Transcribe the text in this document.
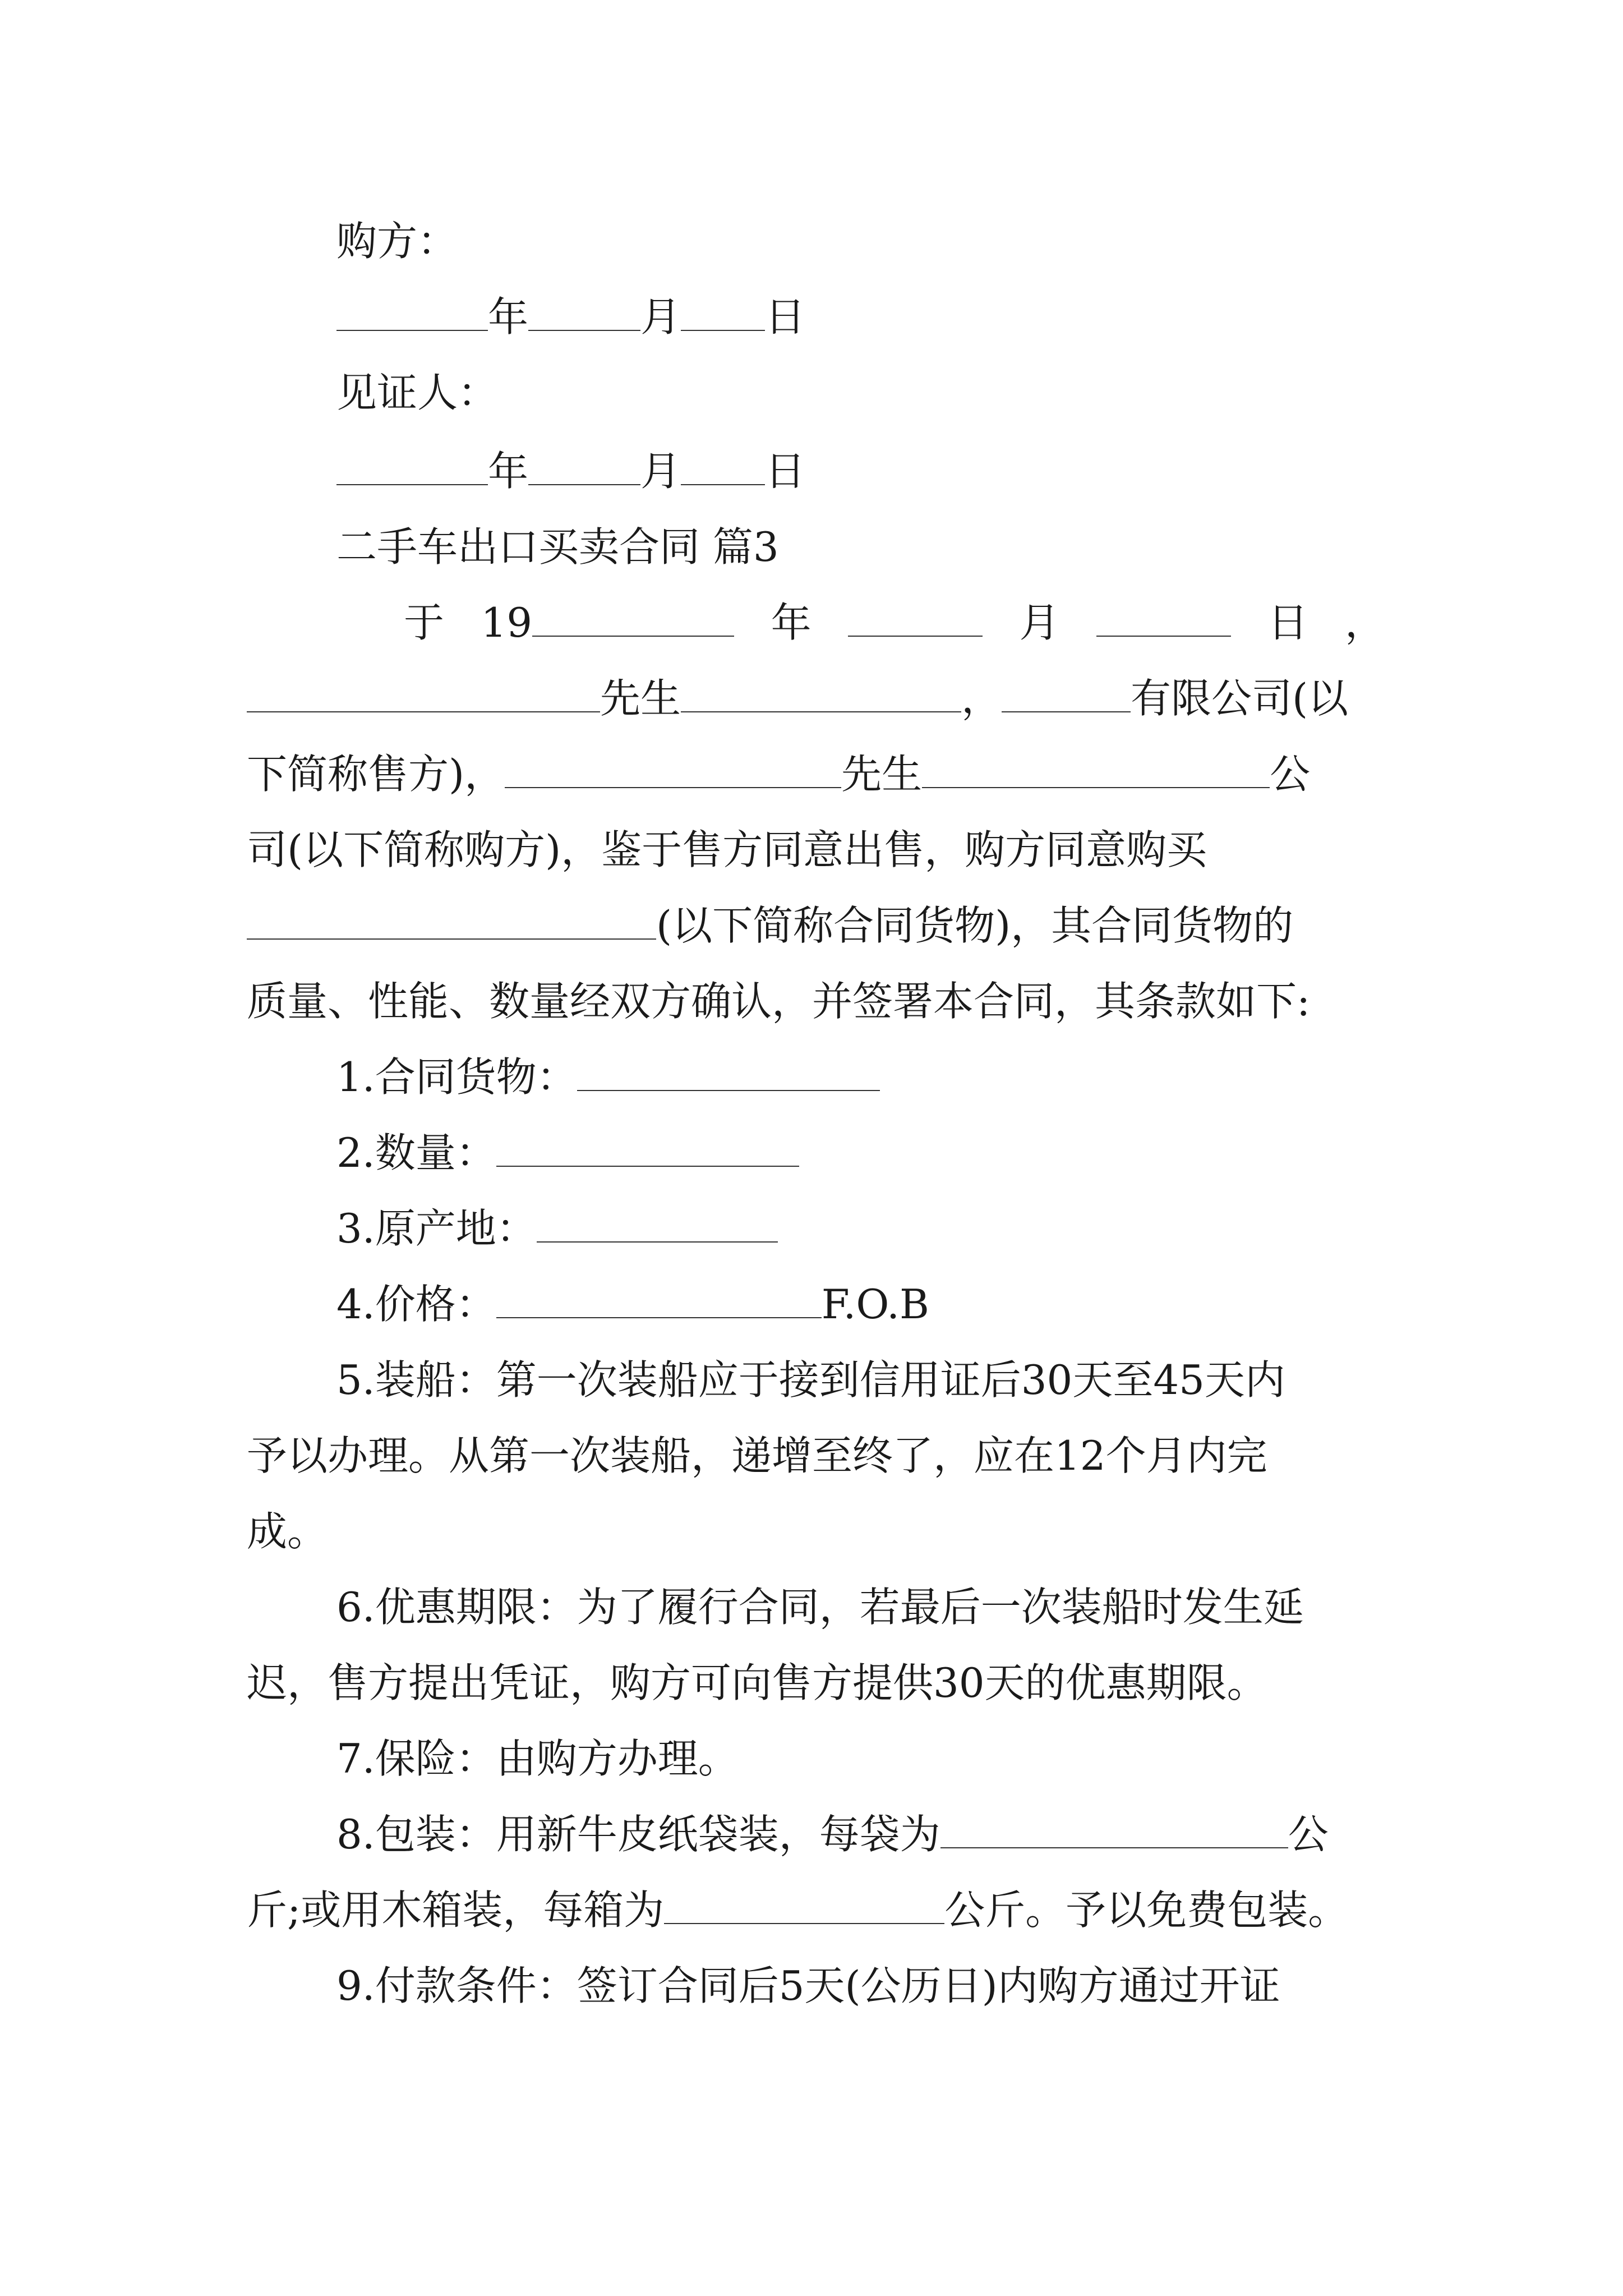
购方：
年	月 日
见证人：
年	月 日
二手车出口买卖合同 篇3
于 19	年	月	日 ，
先生	，	有限公司(以
下简称售方)，	先生	公
司(以下简称购方)，鉴于售方同意出售，购方同意购买
(以下简称合同货物)，其合同货物的
质量、性能、数量经双方确认，并签署本合同，其条款如下:
1.合同货物：
2.数量：
3.原产地：
4.价格：	F.O.B
5.装船：第一次装船应于接到信用证后30天至45天内
予以办理。从第一次装船，递增至终了，应在12个月内完
成。
6.优惠期限：为了履行合同，若最后一次装船时发生延
迟，售方提出凭证，购方可向售方提供30天的优惠期限。
7.保险：由购方办理。
8.包装：用新牛皮纸袋装，每袋为	公
斤;或用木箱装，每箱为	公斤。予以免费包装。
9.付款条件：签订合同后5天(公历日)内购方通过开证
